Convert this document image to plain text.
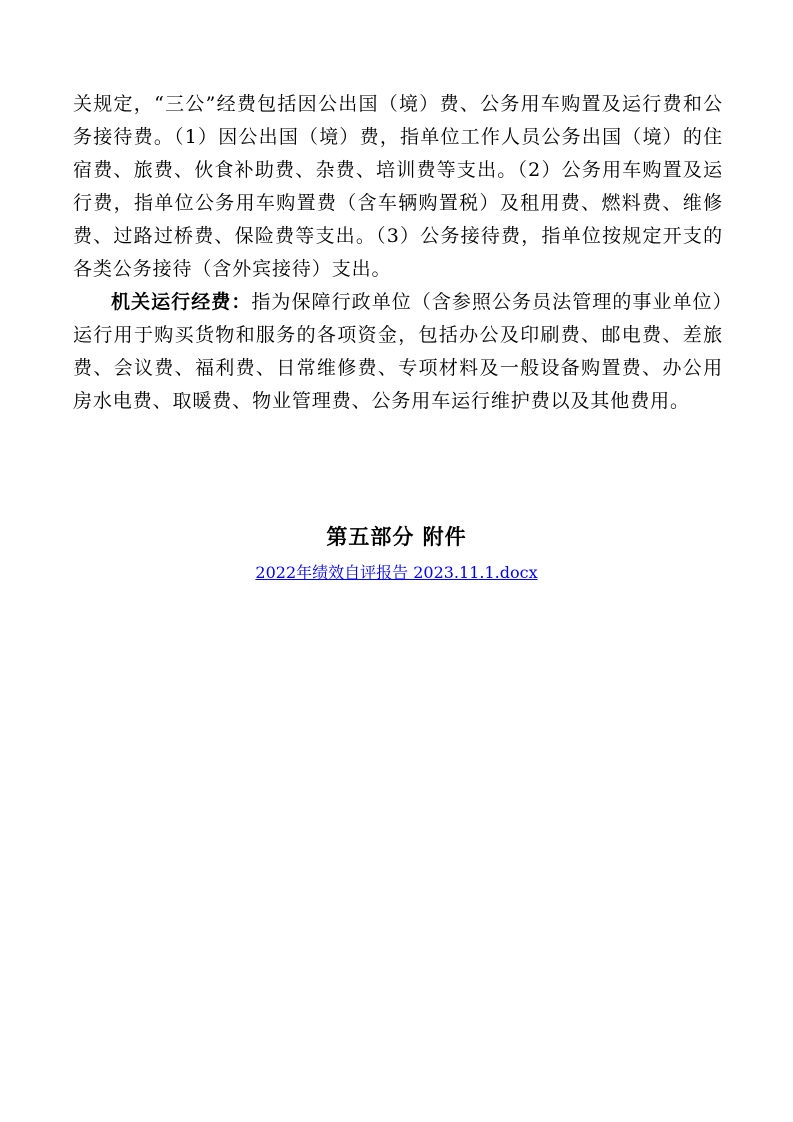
关规定，“三公”经费包括因公出国（境）费、公务用车购置及运行费和公务接待费。（1）因公出国（境）费，指单位工作人员公务出国（境）的住宿费、旅费、伙食补助费、杂费、培训费等支出。（2）公务用车购置及运行费，指单位公务用车购置费（含车辆购置税）及租用费、燃料费、维修费、过路过桥费、保险费等支出。（3）公务接待费，指单位按规定开支的各类公务接待（含外宾接待）支出。

机关运行经费：指为保障行政单位（含参照公务员法管理的事业单位）运行用于购买货物和服务的各项资金，包括办公及印刷费、邮电费、差旅费、会议费、福利费、日常维修费、专项材料及一般设备购置费、办公用房水电费、取暖费、物业管理费、公务用车运行维护费以及其他费用。

第五部分 附件
2022年绩效自评报告 2023.11.1.docx
